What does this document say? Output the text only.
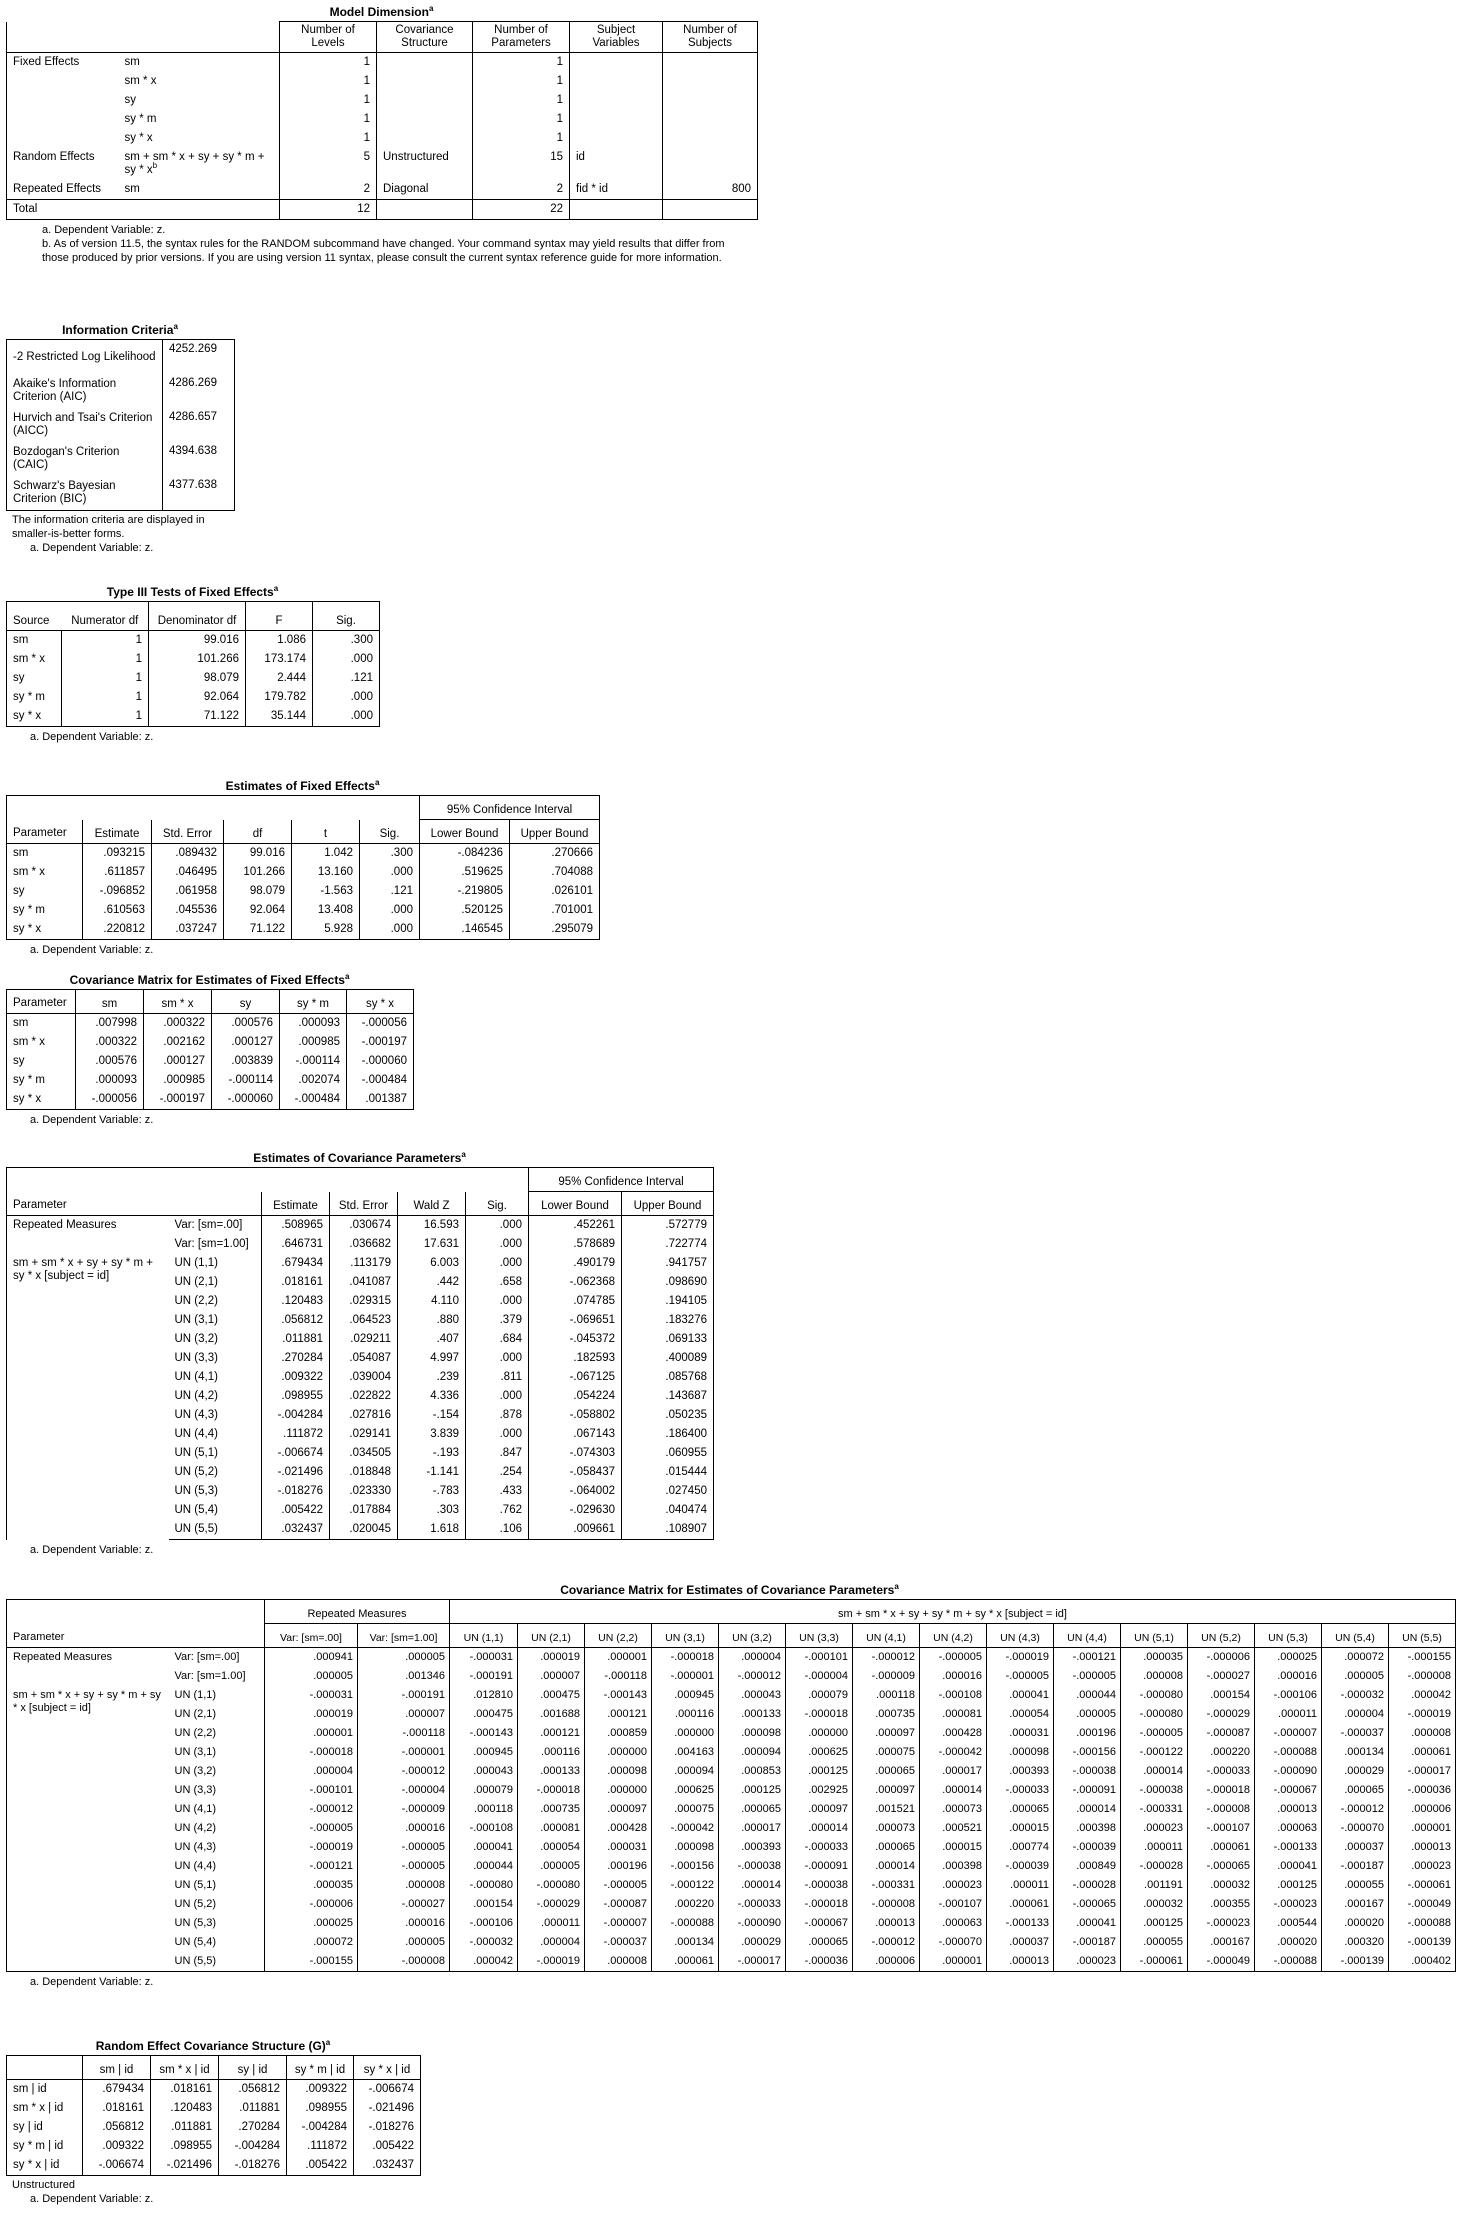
Model Dimension$^a$
		Number of Levels	Covariance Structure	Number of Parameters	Subject Variables	Number of Subjects
Fixed Effects	sm	1		1		
	sm * x	1		1		
	sy	1		1		
	sy * m	1		1		
	sy * x	1		1		
Random Effects	sm + sm * x + sy + sy * m + sy * $x^b$	5	Unstructured	15	id	
Repeated Effects	sm	2	Diagonal	2	fid * id	800
Total		12		22		
a. Dependent Variable: z.
b. As of version 11.5, the syntax rules for the RANDOM subcommand have changed. Your command syntax may yield results that differ from those produced by prior versions. If you are using version 11 syntax, please consult the current syntax reference guide for more information.
Information Criteria$^a$
-2 Restricted Log Likelihood	4252.269
Akaike's Information Criterion (AIC)	4286.269
Hurvich and Tsai's Criterion (AICC)	4286.657
Bozdogan's Criterion (CAIC)	4394.638
Schwarz's Bayesian Criterion (BIC)	4377.638
The information criteria are displayed in smaller-is-better forms.
a. Dependent Variable: z.
Type III Tests of Fixed Effects$^a$
Source	Numerator df	Denominator df	F	Sig.
sm	1	99.016	1.086	.300
sm * x	1	101.266	173.174	.000
sy	1	98.079	2.444	.121
sy * m	1	92.064	179.782	.000
sy * x	1	71.122	35.144	.000
a. Dependent Variable: z.
Estimates of Fixed Effects$^a$
Parameter						95% Confidence Interval	
	Estimate	Std. Error	df	t	Sig.	Lower Bound	Upper Bound
sm	.093215	.089432	99.016	1.042	.300	-.084236	.270666
sm * x	.611857	.046495	101.266	13.160	.000	.519625	.704088
sy	-.096852	.061958	98.079	-1.563	.121	-.219805	.026101
sy * m	.610563	.045536	92.064	13.408	.000	.520125	.701001
sy * x	.220812	.037247	71.122	5.928	.000	.146545	.295079
a. Dependent Variable: z.
Covariance Matrix for Estimates of Fixed Effects$^a$
Parameter	sm	sm * x	sy	sy * m	sy * x
sm	.007998	.000322	.000576	.000093	-.000056
sm * x	.000322	.002162	.000127	.000985	-.000197
sy	.000576	.000127	.003839	-.000114	-.000060
sy * m	.000093	.000985	-.000114	.002074	-.000484
sy * x	-.000056	-.000197	-.000060	-.000484	.001387
a. Dependent Variable: z.
Estimates of Covariance Parameters$^a$
Parameter						95% Confidence Interval	
		Estimate	Std. Error	Wald Z	Sig.	Lower Bound	Upper Bound
Repeated Measures	Var: [sm=.00]	.508965	.030674	16.593	.000	.452261	.572779
	Var: [sm=1.00]	.646731	.036682	17.631	.000	.578689	.722774
sm + sm * x + sy + sy * m + sy * x [subject = id]	UN (1,1)	.679434	.113179	6.003	.000	.490179	.941757
	UN (2,1)	.018161	.041087	.442	.658	-.062368	.098690
	UN (2,2)	.120483	.029315	4.110	.000	.074785	.194105
	UN (3,1)	.056812	.064523	.880	.379	-.069651	.183276
	UN (3,2)	.011881	.029211	.407	.684	-.045372	.069133
	UN (3,3)	.270284	.054087	4.997	.000	.182593	.400089
	UN (4,1)	.009322	.039004	.239	.811	-.067125	.085768
	UN (4,2)	.098955	.022822	4.336	.000	.054224	.143687
	UN (4,3)	-.004284	.027816	-.154	.878	-.058802	.050235
	UN (4,4)	.111872	.029141	3.839	.000	.067143	.186400
	UN (5,1)	-.006674	.034505	-.193	.847	-.074303	.060955
	UN (5,2)	-.021496	.018848	-1.141	.254	-.058437	.015444
	UN (5,3)	-.018276	.023330	-.783	.433	-.064002	.027450
	UN (5,4)	.005422	.017884	.303	.762	-.029630	.040474
	UN (5,5)	.032437	.020045	1.618	.106	.009661	.108907
a. Dependent Variable: z.
Covariance Matrix for Estimates of Covariance Parameters$^a$
Parameter		Repeated Measures		sm + sm * x + sy + sy * m + sy * x [subject = id]														
		Var: [sm=.00]	Var: [sm=1.00]	UN (1,1)	UN (2,1)	UN (2,2)	UN (3,1)	UN (3,2)	UN (3,3)	UN (4,1)	UN (4,2)	UN (4,3)	UN (4,4)	UN (5,1)	UN (5,2)	UN (5,3)	UN (5,4)	UN (5,5)
Repeated Measures	Var: [sm=.00]	.000941	.000005	-.000031	.000019	.000001	-.000018	.000004	-.000101	-.000012	-.000005	-.000019	-.000121	.000035	-.000006	.000025	.000072	-.000155
	Var: [sm=1.00]	.000005	.001346	-.000191	.000007	-.000118	-.000001	-.000012	-.000004	-.000009	.000016	-.000005	-.000005	.000008	-.000027	.000016	.000005	-.000008
sm + sm * x + sy + sy * m + sy * x [subject = id]	UN (1,1)	-.000031	-.000191	.012810	.000475	-.000143	.000945	.000043	.000079	.000118	-.000108	.000041	.000044	-.000080	.000154	-.000106	-.000032	.000042
	UN (2,1)	.000019	.000007	.000475	.001688	.000121	.000116	.000133	-.000018	.000735	.000081	.000054	.000005	-.000080	-.000029	.000011	.000004	-.000019
	UN (2,2)	.000001	-.000118	-.000143	.000121	.000859	.000000	.000098	.000000	.000097	.000428	.000031	.000196	-.000005	-.000087	-.000007	-.000037	.000008
	UN (3,1)	-.000018	-.000001	.000945	.000116	.000000	.004163	.000094	.000625	.000075	-.000042	.000098	-.000156	-.000122	.000220	-.000088	.000134	.000061
	UN (3,2)	.000004	-.000012	.000043	.000133	.000098	.000094	.000853	.000125	.000065	.000017	.000393	-.000038	.000014	-.000033	-.000090	.000029	-.000017
	UN (3,3)	-.000101	-.000004	.000079	-.000018	.000000	.000625	.000125	.002925	.000097	.000014	-.000033	-.000091	-.000038	-.000018	-.000067	.000065	-.000036
	UN (4,1)	-.000012	-.000009	.000118	.000735	.000097	.000075	.000065	.000097	.001521	.000073	.000065	.000014	-.000331	-.000008	.000013	-.000012	.000006
	UN (4,2)	-.000005	.000016	-.000108	.000081	.000428	-.000042	.000017	.000014	.000073	.000521	.000015	.000398	.000023	-.000107	.000063	-.000070	.000001
	UN (4,3)	-.000019	-.000005	.000041	.000054	.000031	.000098	.000393	-.000033	.000065	.000015	.000774	-.000039	.000011	.000061	-.000133	.000037	.000013
	UN (4,4)	-.000121	-.000005	.000044	.000005	.000196	-.000156	-.000038	-.000091	.000014	.000398	-.000039	.000849	-.000028	-.000065	.000041	-.000187	.000023
	UN (5,1)	.000035	.000008	-.000080	-.000080	-.000005	-.000122	.000014	-.000038	-.000331	.000023	.000011	-.000028	.001191	.000032	.000125	.000055	-.000061
	UN (5,2)	-.000006	-.000027	.000154	-.000029	-.000087	.000220	-.000033	-.000018	-.000008	-.000107	.000061	-.000065	.000032	.000355	-.000023	.000167	-.000049
	UN (5,3)	.000025	.000016	-.000106	.000011	-.000007	-.000088	-.000090	-.000067	.000013	.000063	-.000133	.000041	.000125	-.000023	.000544	.000020	-.000088
	UN (5,4)	.000072	.000005	-.000032	.000004	-.000037	.000134	.000029	.000065	-.000012	-.000070	.000037	-.000187	.000055	.000167	.000020	.000320	-.000139
	UN (5,5)	-.000155	-.000008	.000042	-.000019	.000008	.000061	-.000017	-.000036	.000006	.000001	.000013	.000023	-.000061	-.000049	-.000088	-.000139	.000402
a. Dependent Variable: z.
Random Effect Covariance Structure $(G)^a$
	sm | id	sm * x | id	sy | id	sy * m | id	sy * x | id
sm | id	.679434	.018161	.056812	.009322	-.006674
sm * x | id	.018161	.120483	.011881	.098955	-.021496
sy | id	.056812	.011881	.270284	-.004284	-.018276
sy * m | id	.009322	.098955	-.004284	.111872	.005422
sy * x | id	-.006674	-.021496	-.018276	.005422	.032437
Unstructured
a. Dependent Variable: z.
